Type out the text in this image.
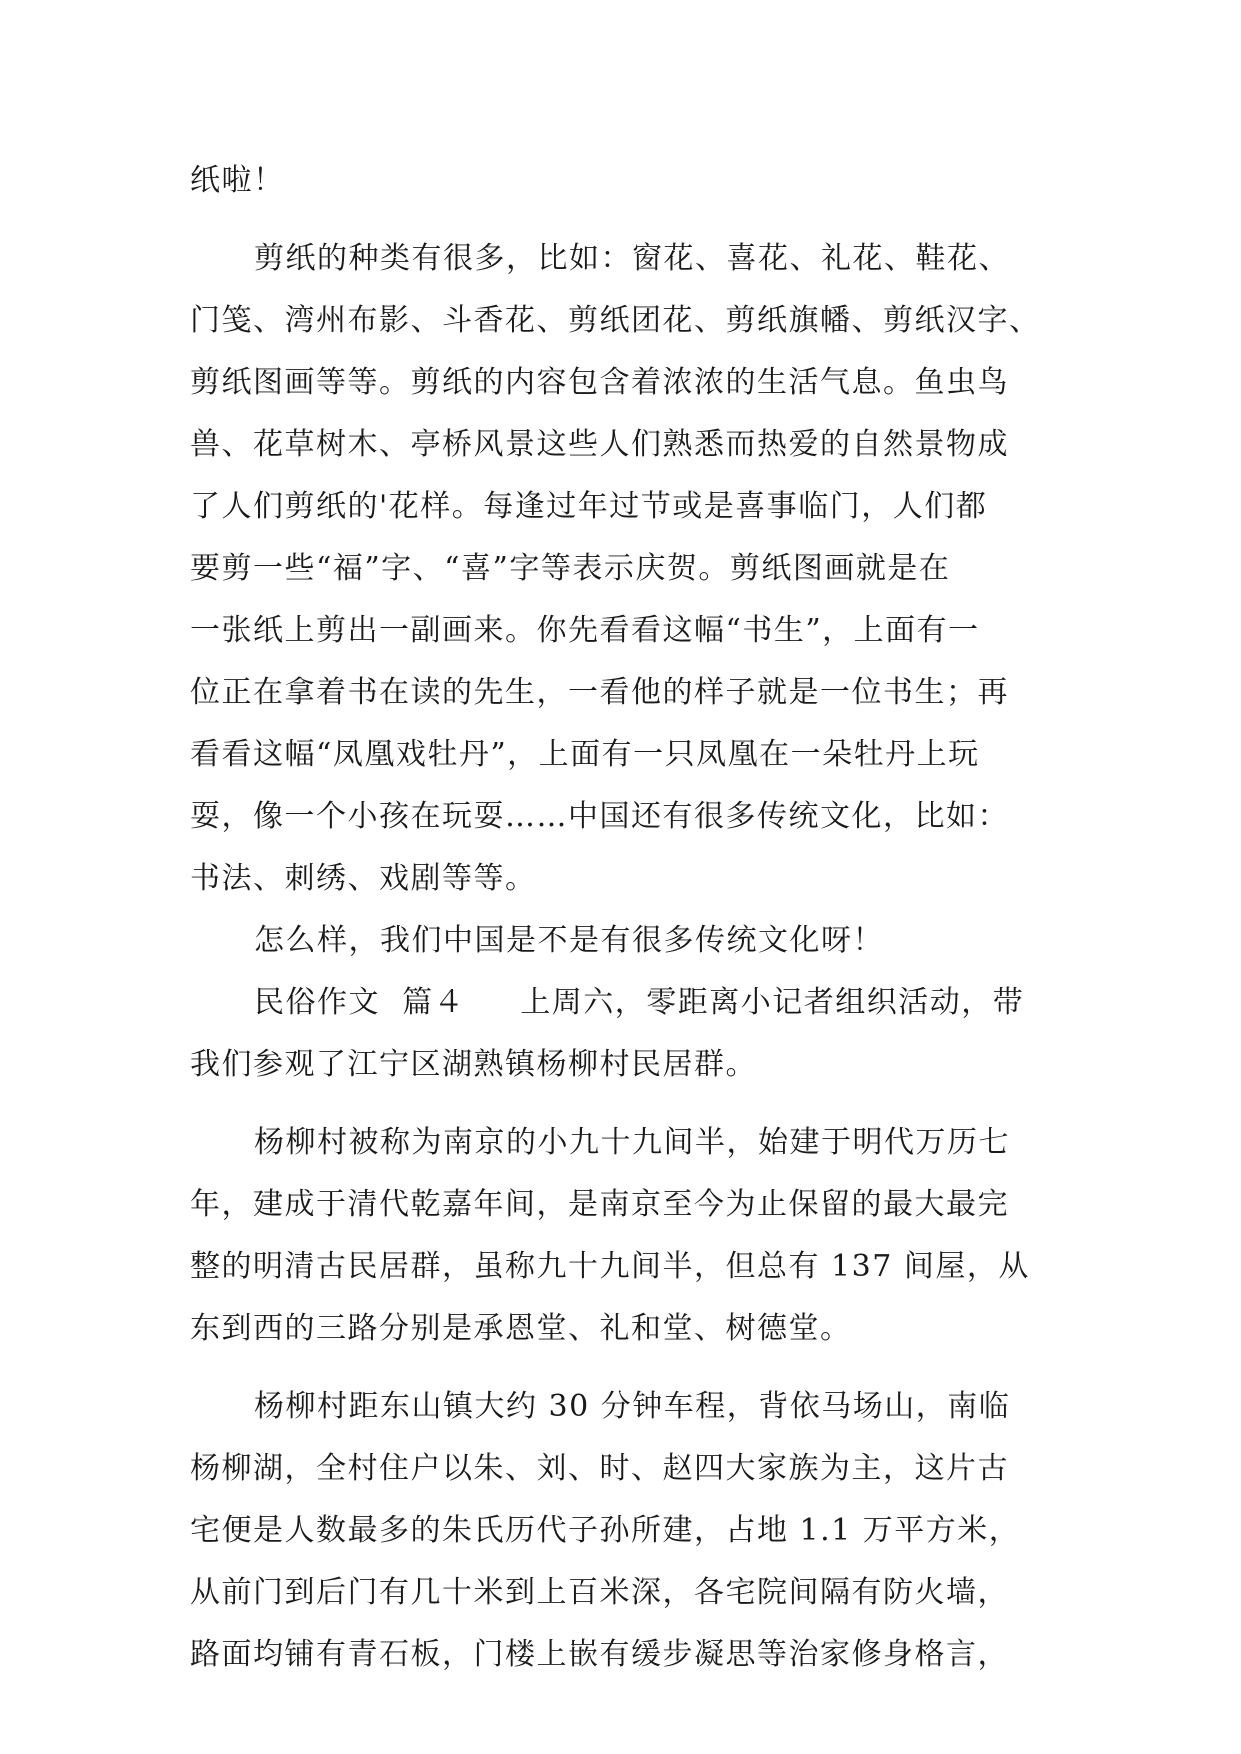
纸啦！
剪纸的种类有很多，比如：窗花、喜花、礼花、鞋花、
门笺、湾州布影、斗香花、剪纸团花、剪纸旗幡、剪纸汉字、
剪纸图画等等。剪纸的内容包含着浓浓的生活气息。鱼虫鸟
兽、花草树木、亭桥风景这些人们熟悉而热爱的自然景物成
了人们剪纸的'花样。每逢过年过节或是喜事临门，人们都
要剪一些“福”字、“喜”字等表示庆贺。剪纸图画就是在
一张纸上剪出一副画来。你先看看这幅“书生”，上面有一
位正在拿着书在读的先生，一看他的样子就是一位书生；再
看看这幅“凤凰戏牡丹”，上面有一只凤凰在一朵牡丹上玩
耍，像一个小孩在玩耍……中国还有很多传统文化，比如：
书法、刺绣、戏剧等等。
怎么样，我们中国是不是有很多传统文化呀！
民俗作文  篇４     上周六，零距离小记者组织活动，带
我们参观了江宁区湖熟镇杨柳村民居群。
杨柳村被称为南京的小九十九间半，始建于明代万历七
年，建成于清代乾嘉年间，是南京至今为止保留的最大最完
整的明清古民居群，虽称九十九间半，但总有 137 间屋，从
东到西的三路分别是承恩堂、礼和堂、树德堂。
杨柳村距东山镇大约 30 分钟车程，背依马场山，南临
杨柳湖，全村住户以朱、刘、时、赵四大家族为主，这片古
宅便是人数最多的朱氏历代子孙所建，占地 1.1 万平方米，
从前门到后门有几十米到上百米深，各宅院间隔有防火墙，
路面均铺有青石板，门楼上嵌有缓步凝思等治家修身格言，
